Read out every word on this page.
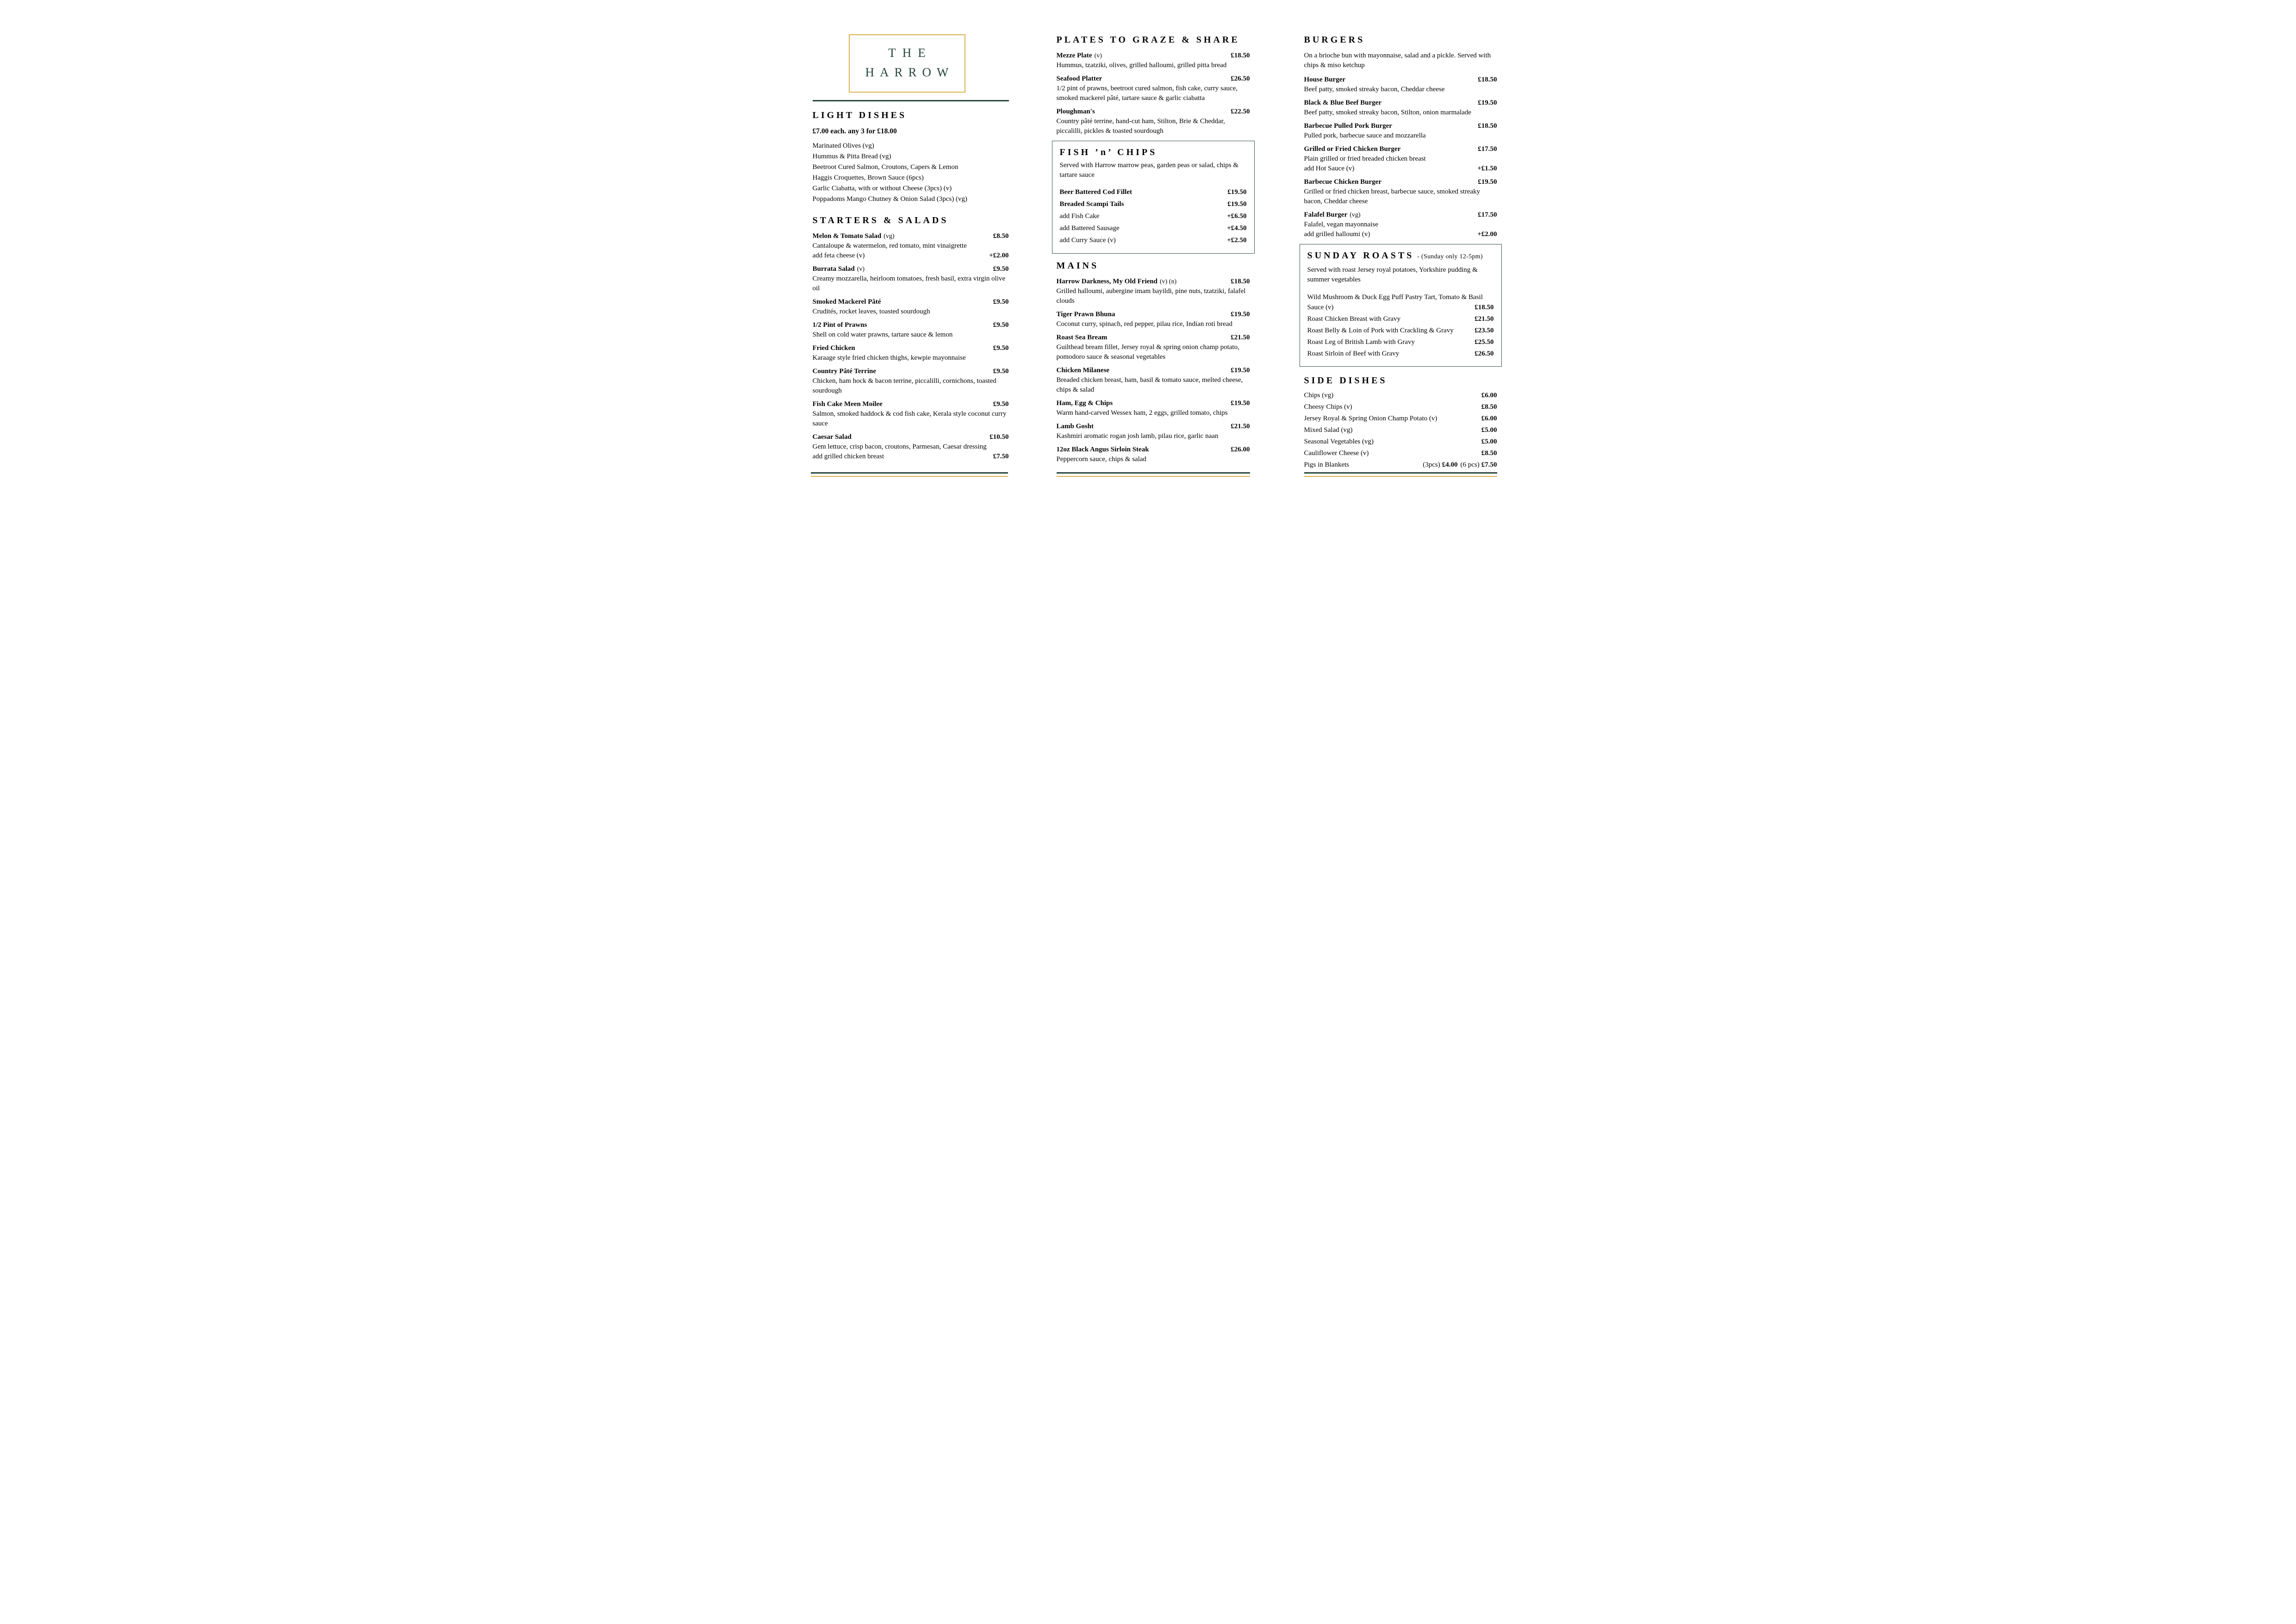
THE
HARROW
LIGHT DISHES
£7.00 each. any 3 for £18.00
Marinated Olives (vg)
Hummus & Pitta Bread (vg)
Beetroot Cured Salmon, Croutons, Capers & Lemon
Haggis Croquettes, Brown Sauce (6pcs)
Garlic Ciabatta, with or without Cheese (3pcs) (v)
Poppadoms Mango Chutney & Onion Salad (3pcs) (vg)
STARTERS & SALADS
Melon & Tomato Salad (vg)	£8.50
Cantaloupe & watermelon, red tomato, mint vinaigrette
add feta cheese (v)	+£2.00
Burrata Salad (v)	£9.50
Creamy mozzarella, heirloom tomatoes, fresh basil, extra virgin olive oil
Smoked Mackerel Pâté	£9.50
Crudités, rocket leaves, toasted sourdough
1/2 Pint of Prawns	£9.50
Shell on cold water prawns, tartare sauce & lemon
Fried Chicken	£9.50
Karaage style fried chicken thighs, kewpie mayonnaise
Country Pâté Terrine	£9.50
Chicken, ham hock & bacon terrine, piccalilli, cornichons, toasted sourdough
Fish Cake Meen Moilee	£9.50
Salmon, smoked haddock & cod fish cake, Kerala style coconut curry sauce
Caesar Salad	£10.50
Gem lettuce, crisp bacon, croutons, Parmesan, Caesar dressing
add grilled chicken breast	£7.50
PLATES TO GRAZE & SHARE
Mezze Plate (v)	£18.50
Hummus, tzatziki, olives, grilled halloumi, grilled pitta bread
Seafood Platter	£26.50
1/2 pint of prawns, beetroot cured salmon, fish cake, curry sauce, smoked mackerel pâté, tartare sauce & garlic ciabatta
Ploughman's	£22.50
Country pâté terrine, hand-cut ham, Stilton, Brie & Cheddar, piccalilli, pickles & toasted sourdough
FISH ’n’ CHIPS
Served with Harrow marrow peas, garden peas or salad, chips & tartare sauce
Beer Battered Cod Fillet	£19.50
Breaded Scampi Tails	£19.50
add Fish Cake	+£6.50
add Battered Sausage	+£4.50
add Curry Sauce (v)	+£2.50
MAINS
Harrow Darkness, My Old Friend (v) (n)	£18.50
Grilled halloumi, aubergine imam bayildi, pine nuts, tzatziki, falafel clouds
Tiger Prawn Bhuna	£19.50
Coconut curry, spinach, red pepper, pilau rice, Indian roti bread
Roast Sea Bream	£21.50
Guilthead bream fillet, Jersey royal & spring onion champ potato, pomodoro sauce & seasonal vegetables
Chicken Milanese	£19.50
Breaded chicken breast, ham, basil & tomato sauce, melted cheese, chips & salad
Ham, Egg & Chips	£19.50
Warm hand-carved Wessex ham, 2 eggs, grilled tomato, chips
Lamb Gosht	£21.50
Kashmiri aromatic rogan josh lamb, pilau rice, garlic naan
12oz Black Angus Sirloin Steak	£26.00
Peppercorn sauce, chips & salad
BURGERS
On a brioche bun with mayonnaise, salad and a pickle. Served with chips & miso ketchup
House Burger	£18.50
Beef patty, smoked streaky bacon, Cheddar cheese
Black & Blue Beef Burger	£19.50
Beef patty, smoked streaky bacon, Stilton, onion marmalade
Barbecue Pulled Pork Burger	£18.50
Pulled pork, barbecue sauce and mozzarella
Grilled or Fried Chicken Burger	£17.50
Plain grilled or fried breaded chicken breast
add Hot Sauce (v)	+£1.50
Barbecue Chicken Burger	£19.50
Grilled or fried chicken breast, barbecue sauce, smoked streaky bacon, Cheddar cheese
Falafel Burger (vg)	£17.50
Falafel, vegan mayonnaise
add grilled halloumi (v)	+£2.00
SUNDAY ROASTS - (Sunday only 12-5pm)
Served with roast Jersey royal potatoes, Yorkshire pudding & summer vegetables
Wild Mushroom & Duck Egg Puff Pastry Tart, Tomato & Basil
Sauce (v)	£18.50
Roast Chicken Breast with Gravy	£21.50
Roast Belly & Loin of Pork with Crackling & Gravy	£23.50
Roast Leg of British Lamb with Gravy	£25.50
Roast Sirloin of Beef with Gravy	£26.50
SIDE DISHES
Chips (vg)	£6.00
Cheesy Chips (v)	£8.50
Jersey Royal & Spring Onion Champ Potato (v)	£6.00
Mixed Salad (vg)	£5.00
Seasonal Vegetables (vg)	£5.00
Cauliflower Cheese (v)	£8.50
Pigs in Blankets	(3pcs) £4.00 (6 pcs) £7.50
